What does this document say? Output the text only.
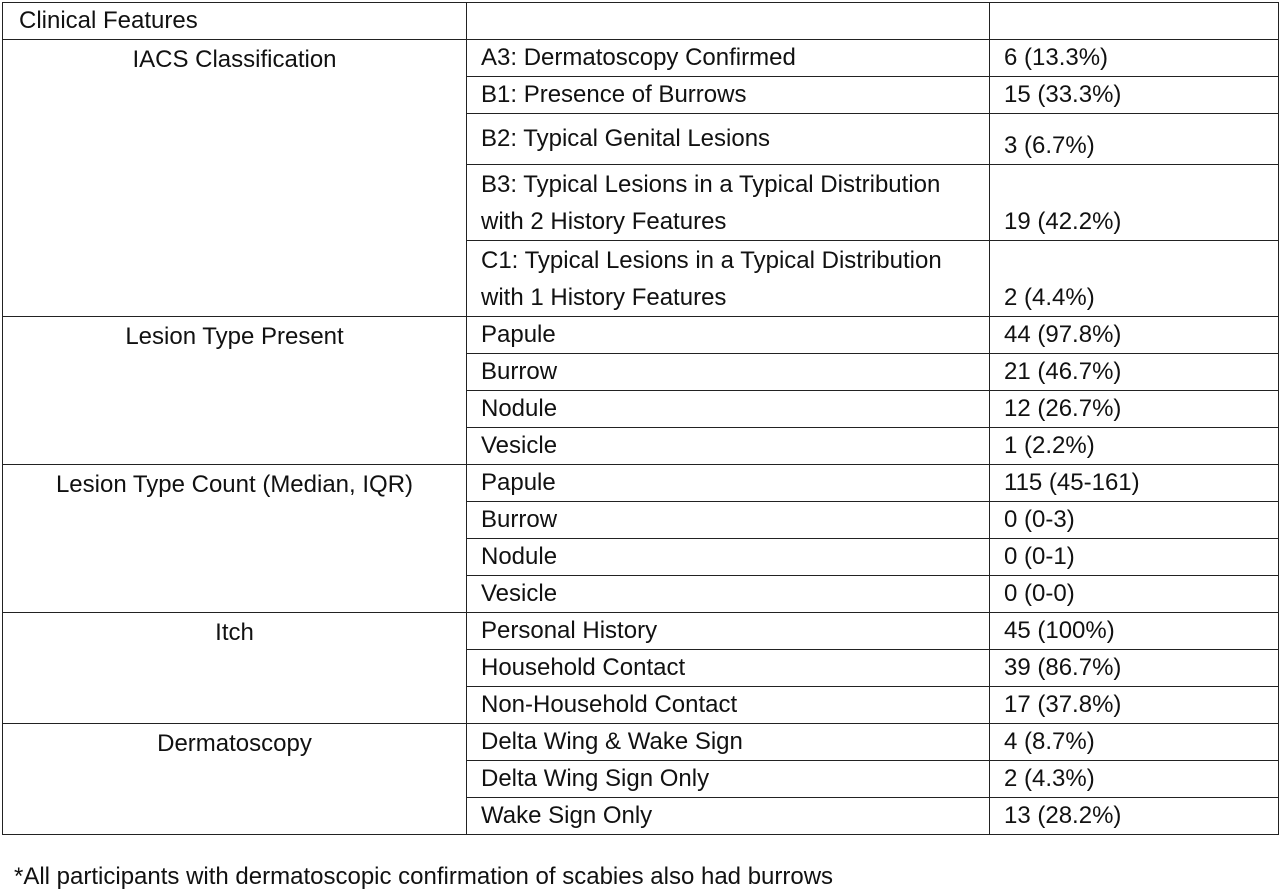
Clinical Features		
IACS Classification	A3: Dermatoscopy Confirmed	6 (13.3%)
	B1: Presence of Burrows	15 (33.3%)
	B2: Typical Genital Lesions	3 (6.7%)
	B3: Typical Lesions in a Typical Distribution with 2 History Features	19 (42.2%)
	C1: Typical Lesions in a Typical Distribution with 1 History Features	2 (4.4%)
Lesion Type Present	Papule	44 (97.8%)
	Burrow	21 (46.7%)
	Nodule	12 (26.7%)
	Vesicle	1 (2.2%)
Lesion Type Count (Median, IQR)	Papule	115 (45-161)
	Burrow	0 (0-3)
	Nodule	0 (0-1)
	Vesicle	0 (0-0)
Itch	Personal History	45 (100%)
	Household Contact	39 (86.7%)
	Non-Household Contact	17 (37.8%)
Dermatoscopy	Delta Wing & Wake Sign	4 (8.7%)
	Delta Wing Sign Only	2 (4.3%)
	Wake Sign Only	13 (28.2%)
*All participants with dermatoscopic confirmation of scabies also had burrows
